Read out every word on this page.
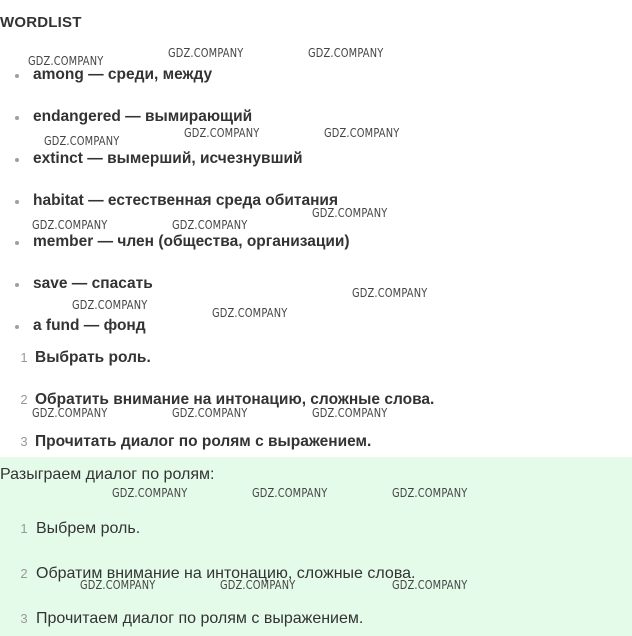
WORDLIST
among — среди, между
endangered — вымирающий
extinct — вымерший, исчезнувший
habitat — естественная среда обитания
member — член (общества, организации)
save — спасать
a fund — фонд
1 Выбрать роль.
2 Обратить внимание на интонацию, сложные слова.
3 Прочитать диалог по ролям с выражением.
Разыграем диалог по ролям:
1 Выбрем роль.
2 Обратим внимание на интонацию, сложные слова.
3 Прочитаем диалог по ролям с выражением.
GDZ.COMPANY
GDZ.COMPANY	GDZ.COMPANY
GDZ.COMPANY
GDZ.COMPANY	GDZ.COMPANY
GDZ.COMPANY	GDZ.COMPANY
GDZ.COMPANY
GDZ.COMPANY
GDZ.COMPANY
GDZ.COMPANY
GDZ.COMPANY	GDZ.COMPANY	GDZ.COMPANY
GDZ.COMPANY	GDZ.COMPANY	GDZ.COMPANY
GDZ.COMPANY	GDZ.COMPANY	GDZ.COMPANY
